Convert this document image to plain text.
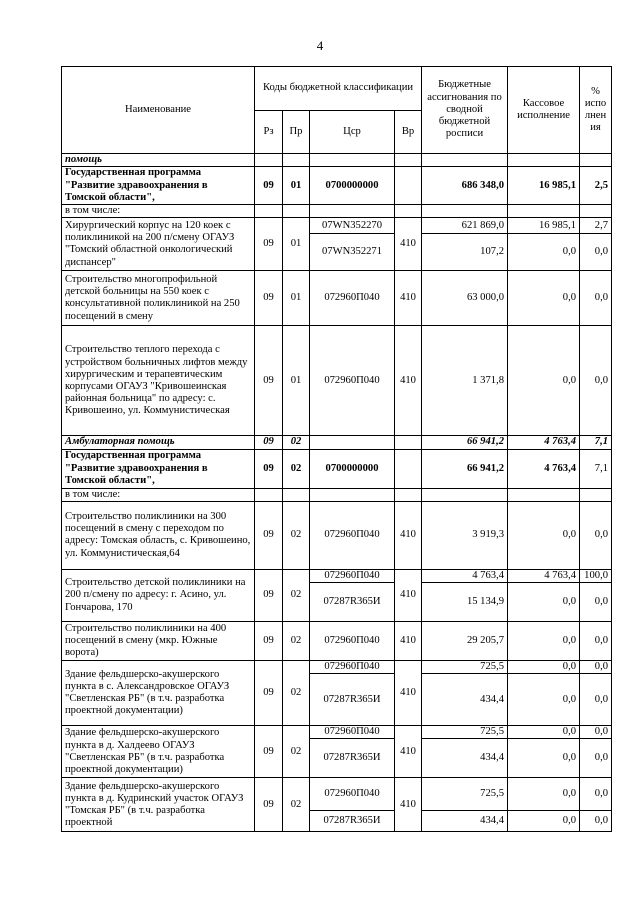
4
Наименование	Коды бюджетной классификации				Бюджетные ассигнования по сводной бюджетной росписи	Кассовое исполнение	% испо лнен ия
	Рз	Пр	Цср	Вр			
помощь							
Государственная программа "Развитие здравоохранения в Томской области",	09	01	0700000000		686 348,0	16 985,1	2,5
в том числе:							
Хирургический корпус на 120 коек с поликлиникой на 200 п/смену ОГАУЗ "Томский областной онкологический диспансер"	09	01	07WN352270	410	621 869,0	16 985,1	2,7
			07WN352271		107,2	0,0	0,0
Строительство многопрофильной детской больницы на 550 коек с консультативной поликлиникой на 250 посещений в смену	09	01	072960П040	410	63 000,0	0,0	0,0
Строительство теплого перехода с устройством больничных лифтов между хирургическим и терапевтическим корпусами ОГАУЗ "Кривошеинская районная больница" по адресу: с. Кривошеино, ул. Коммунистическая	09	01	072960П040	410	1 371,8	0,0	0,0
Амбулаторная помощь	09	02			66 941,2	4 763,4	7,1
Государственная программа "Развитие здравоохранения в Томской области",	09	02	0700000000		66 941,2	4 763,4	7,1
в том числе:							
Строительство поликлиники на 300 посещений в смену с переходом по адресу: Томская область, с. Кривошеино, ул. Коммунистическая,64	09	02	072960П040	410	3 919,3	0,0	0,0
Строительство детской поликлиники на 200 п/смену по адресу: г. Асино, ул. Гончарова, 170	09	02	072960П040	410	4 763,4	4 763,4	100,0
			07287R365И		15 134,9	0,0	0,0
Строительство поликлиники на 400 посещений в смену (мкр. Южные ворота)	09	02	072960П040	410	29 205,7	0,0	0,0
Здание фельдшерско-акушерского пункта в с. Александровское ОГАУЗ "Светленская РБ" (в т.ч. разработка проектной документации)	09	02	072960П040	410	725,5	0,0	0,0
			07287R365И		434,4	0,0	0,0
Здание фельдшерско-акушерского пункта в д. Халдеево ОГАУЗ "Светленская РБ" (в т.ч. разработка проектной документации)	09	02	072960П040	410	725,5	0,0	0,0
			07287R365И		434,4	0,0	0,0
Здание фельдшерско-акушерского пункта в д. Кудринский участок ОГАУЗ "Томская РБ" (в т.ч. разработка проектной	09	02	072960П040	410	725,5	0,0	0,0
			07287R365И		434,4	0,0	0,0
